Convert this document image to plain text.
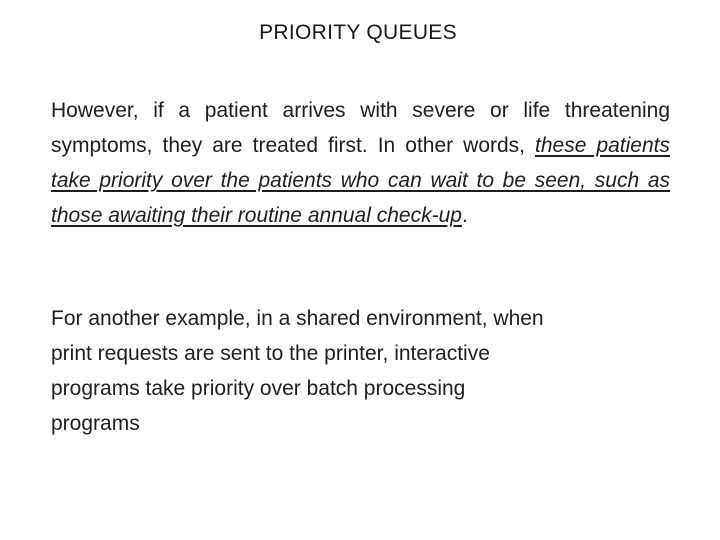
PRIORITY QUEUES

However, if a patient arrives with severe or life threatening symptoms, they are treated first. In other words, these patients take priority over the patients who can wait to be seen, such as those awaiting their routine annual check-up.

For another example, in a shared environment, when
print requests are sent to the printer, interactive
programs take priority over batch processing
programs
